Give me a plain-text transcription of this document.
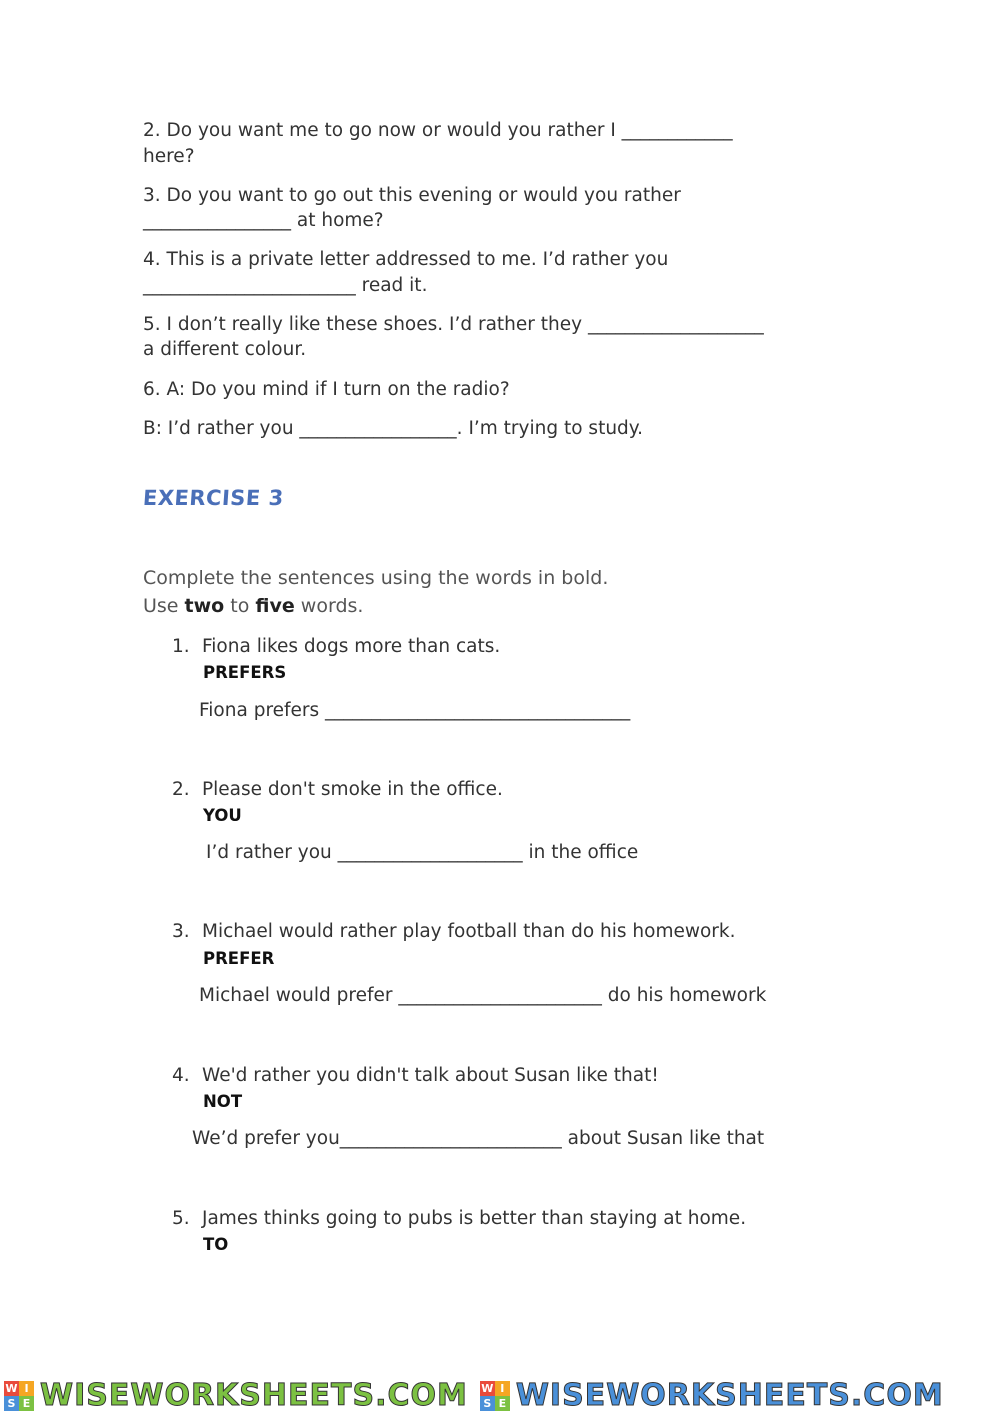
2. Do you want me to go now or would you rather I ____________
here?
3. Do you want to go out this evening or would you rather
________________ at home?
4. This is a private letter addressed to me. I’d rather you
_______________________ read it.
5. I don’t really like these shoes. I’d rather they ___________________
a different colour.
6. A: Do you mind if I turn on the radio?
B: I’d rather you _________________. I’m trying to study.
EXERCISE 3
Complete the sentences using the words in bold.
Use two to five words.
1. Fiona likes dogs more than cats.
PREFERS
Fiona prefers _________________________________
2. Please don't smoke in the office.
YOU
I’d rather you ____________________ in the office
3. Michael would rather play football than do his homework.
PREFER
Michael would prefer ______________________ do his homework
4. We'd rather you didn't talk about Susan like that!
NOT
We’d prefer you________________________ about Susan like that
5. James thinks going to pubs is better than staying at home.
TO
W I
S E WISEWORKSHEETS.COM W I
S E WISEWORKSHEETS.COM
